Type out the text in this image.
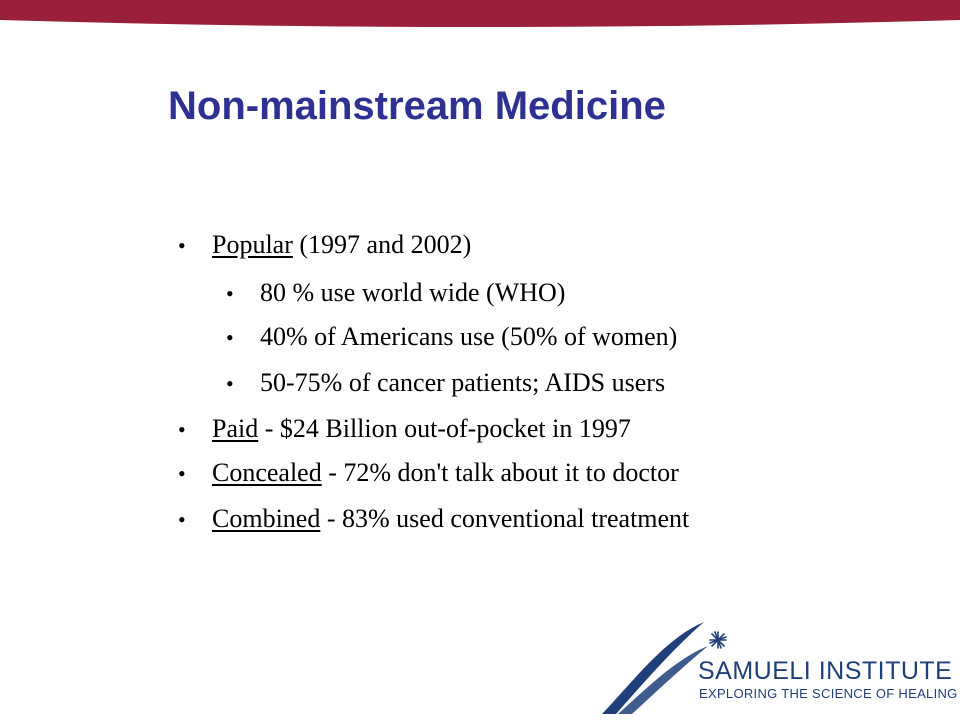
Non-mainstream Medicine
• Popular (1997 and 2002)
• 80 % use world wide (WHO)
• 40% of Americans use (50% of women)
• 50-75% of cancer patients; AIDS users
• Paid - $24 Billion out-of-pocket in 1997
• Concealed - 72% don't talk about it to doctor
• Combined - 83% used conventional treatment
SAMUELI INSTITUTE
EXPLORING THE SCIENCE OF HEALING
